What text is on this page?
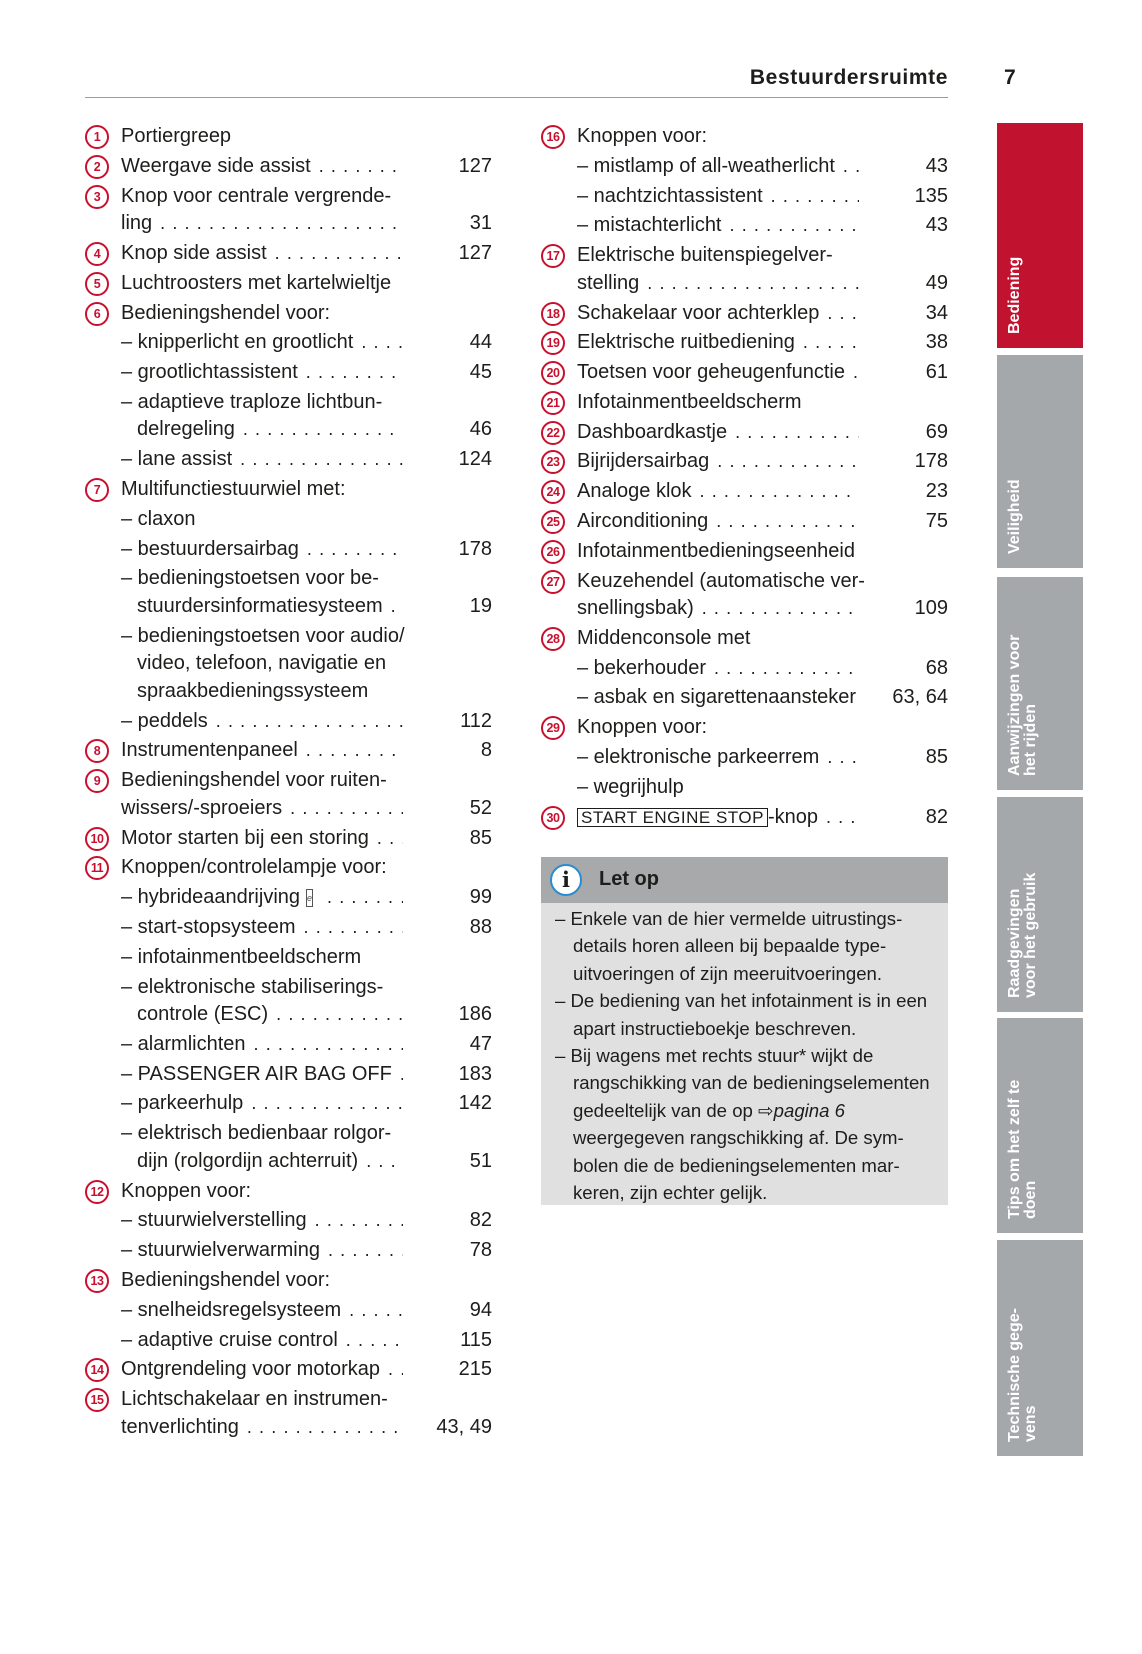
Bestuurdersruimte	7
1	Portiergreep
2	Weergave side assist . . .	127
3	Knop voor centrale vergrende-
ling . . .	31
4	Knop side assist . . .	127
5	Luchtroosters met kartelwieltje
6	Bedieningshendel voor:
– knipperlicht en grootlicht . . .	44
– grootlichtassistent . . .	45
– adaptieve traploze lichtbun-
delregeling . . .	46
– lane assist . . .	124
7	Multifunctiestuurwiel met:
– claxon
– bestuurdersairbag . . .	178
– bedieningstoetsen voor be-
stuurdersinformatiesysteem . . .	19
– bedieningstoetsen voor audio/
video, telefoon, navigatie en
spraakbedieningssysteem
– peddels . . .	112
8	Instrumentenpaneel . . .	8
9	Bedieningshendel voor ruiten-
wissers/-sproeiers . . .	52
10 Motor starten bij een storing . . .	85
11 Knoppen/controlelampje voor:
– hybrideaandrijving e . . .	99
– start-stopsysteem . . .	88
– infotainmentbeeldscherm
– elektronische stabiliserings-
controle (ESC) . . .	186
– alarmlichten . . .	47
– PASSENGER AIR BAG OFF . . .	183
– parkeerhulp . . .	142
– elektrisch bedienbaar rolgor-
dijn (rolgordijn achterruit) . . .	51
12 Knoppen voor:
– stuurwielverstelling . . .	82
– stuurwielverwarming . . .	78
13 Bedieningshendel voor:
– snelheidsregelsysteem . . .	94
– adaptive cruise control . . .	115
14 Ontgrendeling voor motorkap . . .	215
15 Lichtschakelaar en instrumen-
tenverlichting . . .	43, 49
16 Knoppen voor:
– mistlamp of all-weatherlicht . . .	43
– nachtzichtassistent . . .	135
– mistachterlicht . . .	43
17 Elektrische buitenspiegelver-
stelling . . .	49
18 Schakelaar voor achterklep . . .	34
19 Elektrische ruitbediening . . .	38
20 Toetsen voor geheugenfunctie . . .	61
21 Infotainmentbeeldscherm
22 Dashboardkastje . . .	69
23 Bijrijdersairbag . . .	178
24 Analoge klok . . .	23
25 Airconditioning . . .	75
26 Infotainmentbedieningseenheid
27 Keuzehendel (automatische ver-
snellingsbak) . . .	109
28 Middenconsole met
– bekerhouder . . .	68
– asbak en sigarettenaansteker	63, 64
29 Knoppen voor:
– elektronische parkeerrem . . .	85
– wegrijhulp
30	START ENGINE STOP -knop . . .	82
i	Let op
– Enkele van de hier vermelde uitrustingsdetails horen alleen bij bepaalde typeuitvoeringen of zijn meeruitvoeringen.
– De bediening van het infotainment is in een apart instructieboekje beschreven.
– Bij wagens met rechts stuur* wijkt de rangschikking van de bedieningselementen gedeeltelijk van de op ⇨pagina 6 weergegeven rangschikking af. De symbolen die de bedieningselementen markeren, zijn echter gelijk.
Bediening
Veiligheid
Aanwijzingen voor het rijden
Raadgevingen voor het gebruik
Tips om het zelf te doen
Technische gege- vens
